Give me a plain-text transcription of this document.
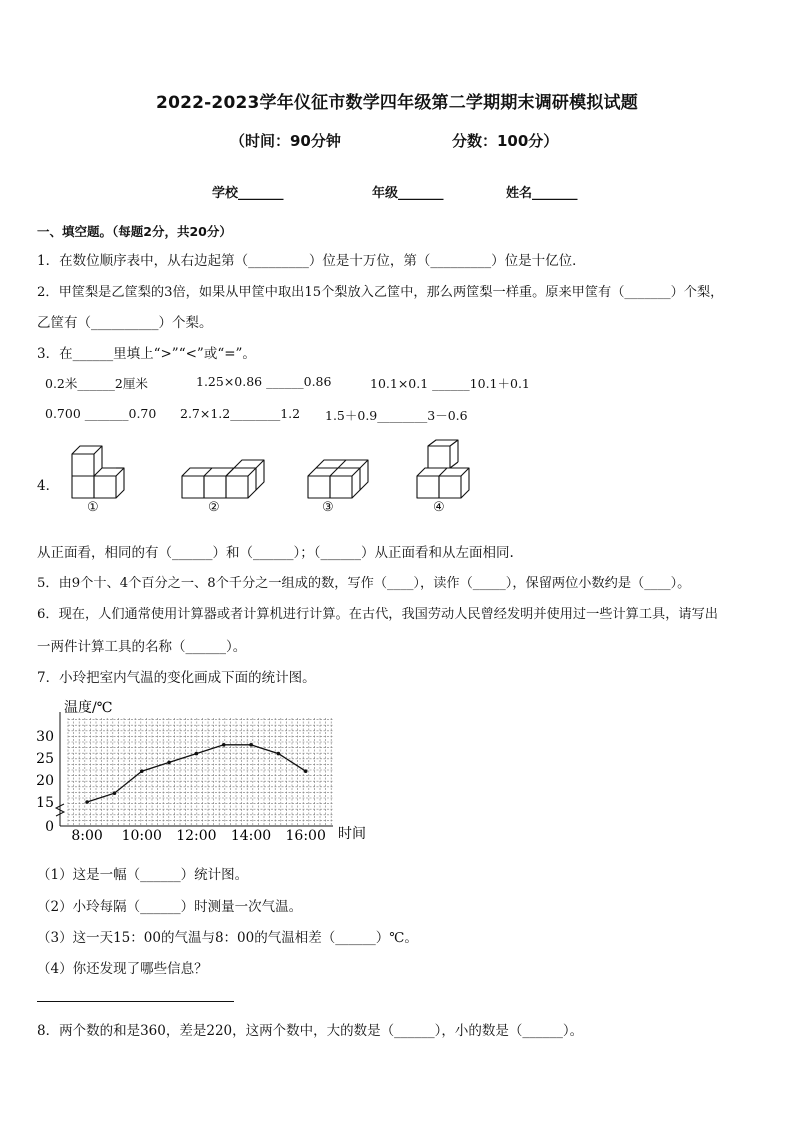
2022-2023学年仪征市数学四年级第二学期期末调研模拟试题
（时间：90分钟	分数：100分）
学校_______	年级_______	姓名_______
一、填空题。（每题2分，共20分）
1．在数位顺序表中，从右边起第（_________）位是十万位，第（_________）位是十亿位．
2．甲筐梨是乙筐梨的3倍，如果从甲筐中取出15个梨放入乙筐中，那么两筐梨一样重。原来甲筐有（_______）个梨，
乙筐有（__________）个梨。
3．在______里填上“>”“<”或“=”。
0.2米______2厘米	1.25×0.86 ______0.86	10.1×0.1 ______10.1＋0.1
0.700 _______0.70 2.7×1.2________1.2 1.5＋0.9________3－0.6
4．
①	②	③	④
从正面看，相同的有（______）和（______）；（______）从正面看和从左面相同.
5．由9个十、4个百分之一、8个千分之一组成的数，写作（____），读作（_____），保留两位小数约是（____）。
6．现在，人们通常使用计算器或者计算机进行计算。在古代，我国劳动人民曾经发明并使用过一些计算工具，请写出
一两件计算工具的名称（______）。
7．小玲把室内气温的变化画成下面的统计图。
0
15
20
25
30
8:00 10:00 12:00 14:00 16:00
温度/℃
时间
（1）这是一幅（______）统计图。
（2）小玲每隔（______）时测量一次气温。
（3）这一天15：00的气温与8：00的气温相差（______）℃。
（4）你还发现了哪些信息？
8．两个数的和是360，差是220，这两个数中，大的数是（______），小的数是（______）。
